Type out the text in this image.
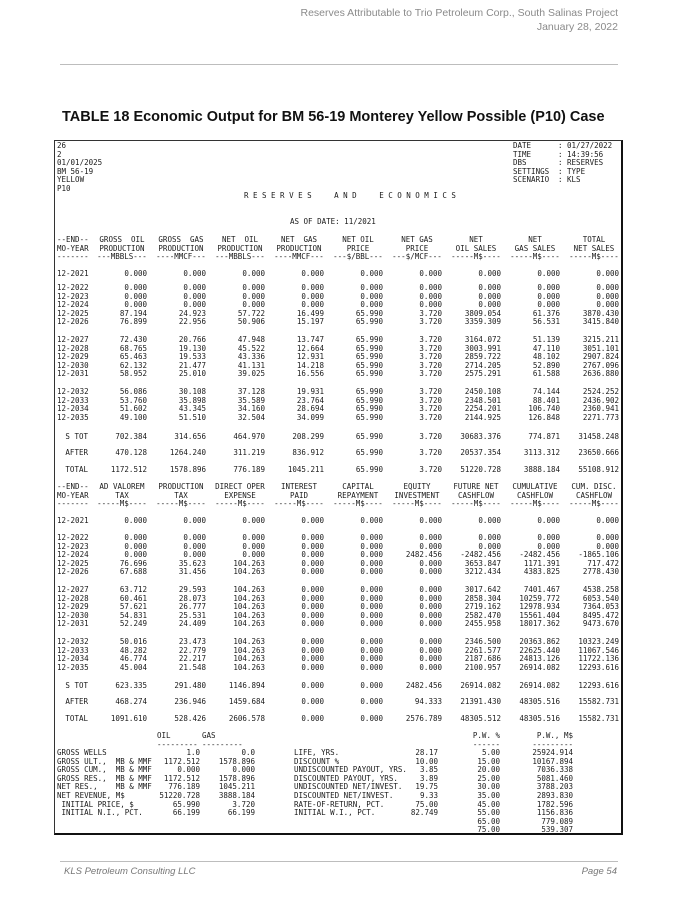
Reserves Attributable to Trio Petroleum Corp., South Salinas Project
January 28, 2022
TABLE 18 Economic Output for BM 56-19 Monterey Yellow Possible (P10) Case
26
2
01/01/2025
BM 56-19
YELLOW
P10
DATE	: 01/27/2022
TIME	: 14:39:56
DBS	: RESERVES
SETTINGS	: TYPE
SCENARIO	: KLS
RESERVES  AND  ECONOMICS
AS OF DATE: 11/2021
--END--	GROSS  OIL	GROSS  GAS	NET  OIL	NET  GAS	NET OIL	NET GAS	NET	NET	TOTAL
MO-YEAR	PRODUCTION	PRODUCTION	PRODUCTION	PRODUCTION	PRICE	PRICE	OIL SALES	GAS SALES	NET SALES
-------	---MBBLS---	----MMCF---	---MBBLS---	----MMCF---	---$/BBL---	---$/MCF---	-----M$----	-----M$----	-----M$----
12-2021	0.000	0.000	0.000	0.000	0.000	0.000	0.000	0.000	0.000
12-2022	0.000	0.000	0.000	0.000	0.000	0.000	0.000	0.000	0.000
12-2023	0.000	0.000	0.000	0.000	0.000	0.000	0.000	0.000	0.000
12-2024	0.000	0.000	0.000	0.000	0.000	0.000	0.000	0.000	0.000
12-2025	87.194	24.923	57.722	16.499	65.990	3.720	3809.054	61.376	3870.430
12-2026	76.899	22.956	50.906	15.197	65.990	3.720	3359.309	56.531	3415.840
12-2027	72.430	20.766	47.948	13.747	65.990	3.720	3164.072	51.139	3215.211
12-2028	68.765	19.130	45.522	12.664	65.990	3.720	3003.991	47.110	3051.101
12-2029	65.463	19.533	43.336	12.931	65.990	3.720	2859.722	48.102	2907.824
12-2030	62.132	21.477	41.131	14.218	65.990	3.720	2714.205	52.890	2767.096
12-2031	58.952	25.010	39.025	16.556	65.990	3.720	2575.291	61.588	2636.880
12-2032	56.086	30.108	37.128	19.931	65.990	3.720	2450.108	74.144	2524.252
12-2033	53.760	35.898	35.589	23.764	65.990	3.720	2348.501	88.401	2436.902
12-2034	51.602	43.345	34.160	28.694	65.990	3.720	2254.201	106.740	2360.941
12-2035	49.100	51.510	32.504	34.099	65.990	3.720	2144.925	126.848	2271.773
S TOT	702.384	314.656	464.970	208.299	65.990	3.720	30683.376	774.871	31458.248
AFTER	470.128	1264.240	311.219	836.912	65.990	3.720	20537.354	3113.312	23650.666
TOTAL	1172.512	1578.896	776.189	1045.211	65.990	3.720	51220.728	3888.184	55108.912
--END--	AD VALOREM	PRODUCTION	DIRECT OPER	INTEREST	CAPITAL	EQUITY	FUTURE NET	CUMULATIVE	CUM. DISC.
MO-YEAR	TAX	TAX	EXPENSE	PAID	REPAYMENT	INVESTMENT	CASHFLOW	CASHFLOW	CASHFLOW
-------	-----M$----	-----M$----	-----M$----	-----M$----	-----M$----	-----M$----	-----M$----	-----M$----	-----M$----
12-2021	0.000	0.000	0.000	0.000	0.000	0.000	0.000	0.000	0.000
12-2022	0.000	0.000	0.000	0.000	0.000	0.000	0.000	0.000	0.000
12-2023	0.000	0.000	0.000	0.000	0.000	0.000	0.000	0.000	0.000
12-2024	0.000	0.000	0.000	0.000	0.000	2482.456	-2482.456	-2482.456	-1865.106
12-2025	76.696	35.623	104.263	0.000	0.000	0.000	3653.847	1171.391	717.472
12-2026	67.688	31.456	104.263	0.000	0.000	0.000	3212.434	4383.825	2778.430
12-2027	63.712	29.593	104.263	0.000	0.000	0.000	3017.642	7401.467	4538.258
12-2028	60.461	28.073	104.263	0.000	0.000	0.000	2858.304	10259.772	6053.540
12-2029	57.621	26.777	104.263	0.000	0.000	0.000	2719.162	12978.934	7364.053
12-2030	54.831	25.531	104.263	0.000	0.000	0.000	2582.470	15561.404	8495.472
12-2031	52.249	24.409	104.263	0.000	0.000	0.000	2455.958	18017.362	9473.670
12-2032	50.016	23.473	104.263	0.000	0.000	0.000	2346.500	20363.862	10323.249
12-2033	48.282	22.779	104.263	0.000	0.000	0.000	2261.577	22625.440	11067.546
12-2034	46.774	22.217	104.263	0.000	0.000	0.000	2187.686	24813.126	11722.136
12-2035	45.004	21.548	104.263	0.000	0.000	0.000	2100.957	26914.082	12293.616
S TOT	623.335	291.480	1146.894	0.000	0.000	2482.456	26914.082	26914.082	12293.616
AFTER	468.274	236.946	1459.684	0.000	0.000	94.333	21391.430	48305.516	15582.731
TOTAL	1091.610	528.426	2606.578	0.000	0.000	2576.789	48305.512	48305.516	15582.731
OIL	GAS	P.W. %	P.W., M$
--------- ---------	------	---------
GROSS WELLS	1.0	0.0	LIFE, YRS.	28.17	5.00	25924.914
GROSS ULT.,  MB & MMF	1172.512	1578.896	DISCOUNT %	10.00	15.00	10167.894
GROSS CUM.,  MB & MMF	0.000	0.000	UNDISCOUNTED PAYOUT, YRS.	3.85	20.00	7036.338
GROSS RES.,  MB & MMF	1172.512	1578.896	DISCOUNTED PAYOUT, YRS.	3.89	25.00	5081.460
NET RES.,    MB & MMF	776.189	1045.211	UNDISCOUNTED NET/INVEST.	19.75	30.00	3788.203
NET REVENUE, M$	51220.728	3888.184	DISCOUNTED NET/INVEST.	9.33	35.00	2893.830
INITIAL PRICE, $	65.990	3.720	RATE-OF-RETURN, PCT.	75.00	45.00	1782.596
INITIAL N.I., PCT.	66.199	66.199	INITIAL W.I., PCT.	82.749	55.00	1156.836
65.00	779.089
75.00	539.307
KLS Petroleum Consulting LLC	Page 54
